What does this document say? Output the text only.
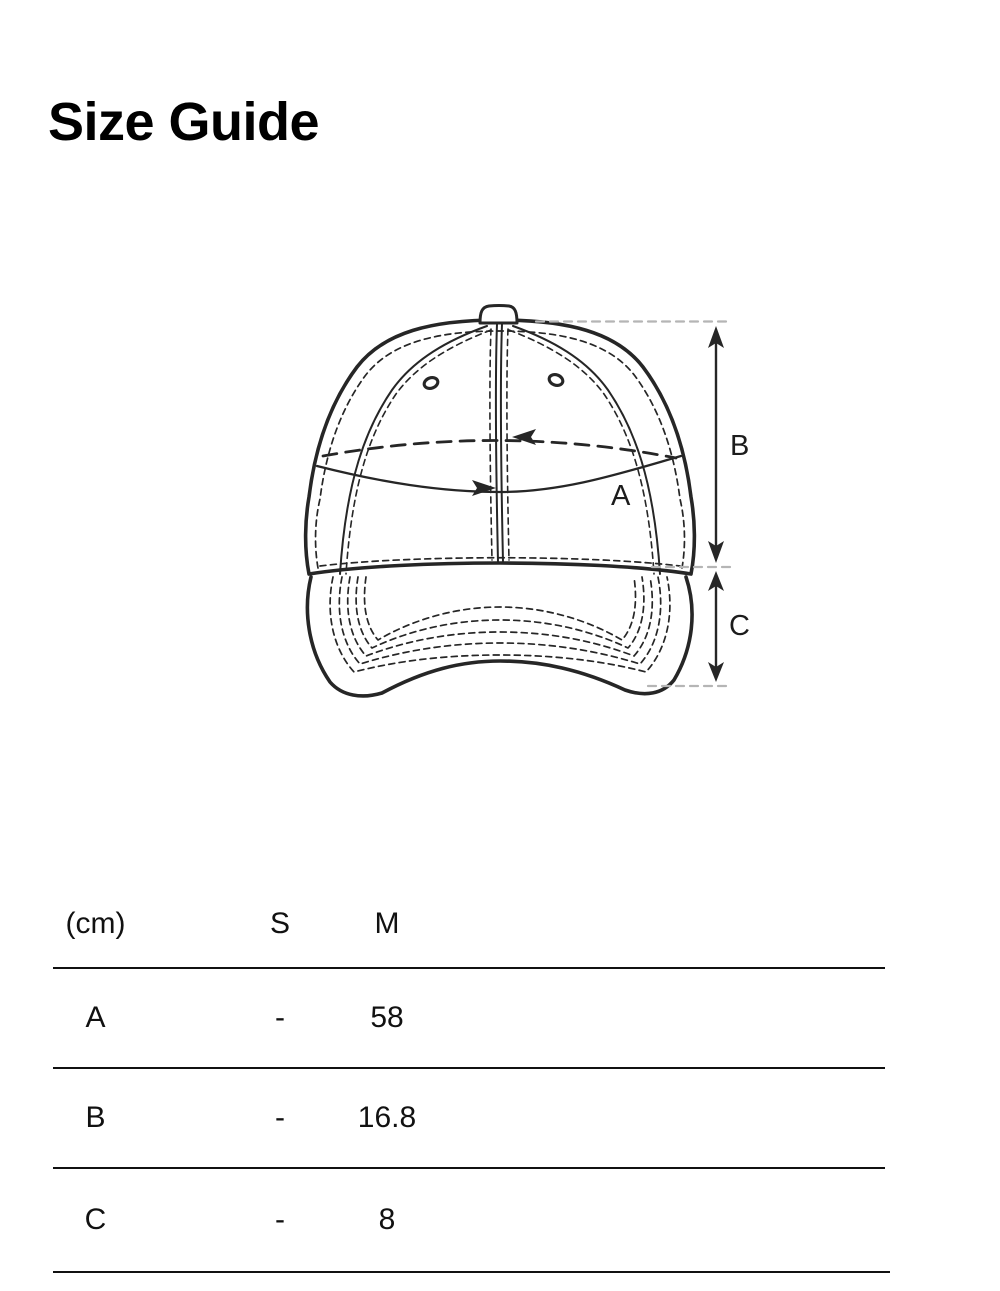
Size Guide
A
B
C
(cm)	S	M
A	-	58
B	-	16.8
C	-	8
